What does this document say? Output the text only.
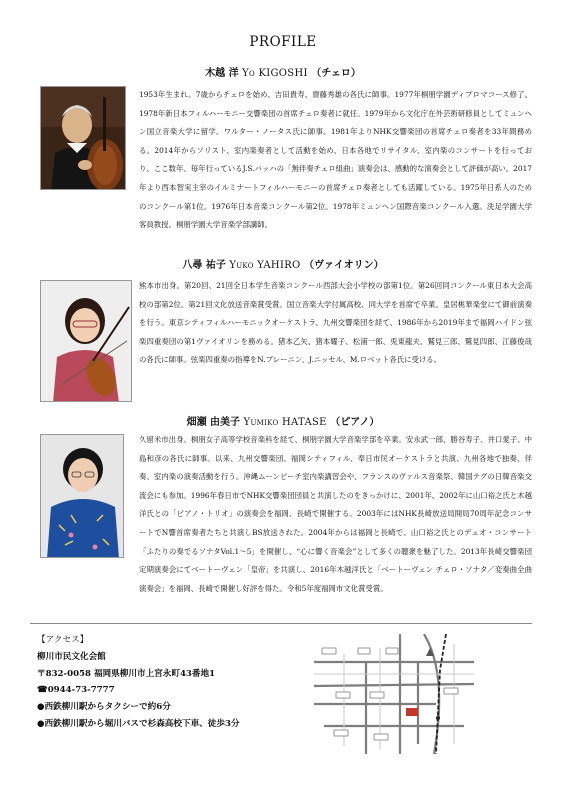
PROFILE
木越 洋 Yo KIGOSHI （チェロ）
1953年生まれ。7歳からチェロを始め、吉田貴寿、齋藤秀雄の各氏に師事。1977年桐朋学園ディプロマコース修了。1978年新日本フィルハーモニー交響楽団の首席チェロ奏者に就任。1979年から文化庁在外芸術研修員としてミュンヘン国立音楽大学に留学。ワルター・ノータス氏に師事。1981年よりNHK交響楽団の首席チェロ奏者を33年間務める。2014年からソリスト、室内楽奏者として活動を始め、日本各地でリサイタル、室内楽のコンサートを行っており、ここ数年、毎年行っているJ.S.バッハの「無伴奏チェロ組曲」演奏会は、感動的な演奏会として評価が高い。2017年より西本智実主宰のイルミナートフィルハーモニーの首席チェロ奏者としても活躍している。1975年日系人のためのコンクール第1位。1976年日本音楽コンクール第2位。1978年ミュンヘン国際音楽コンクール入選。洗足学園大学客員教授。桐朋学園大学音楽学部講師。
八尋 祐子 Yuko YAHIRO （ヴァイオリン）
熊本市出身。第20回、21回全日本学生音楽コンクール西部大会小学校の部第1位。第26回同コンクール東日本大会高校の部第2位。第21回文化放送音楽賞受賞。国立音楽大学付属高校、同大学を首席で卒業。皇居桃華楽堂にて御前演奏を行う。東京シティフィルハーモニックオーケストラ、九州交響楽団を経て、1986年から2019年まで福岡ハイドン弦楽四重奏団の第1ヴァイオリンを務める。猪本乙矢、猪本耀子、松浦一郎、兎東龍夫、鷲見三郎、鷲見四郎、江藤俊哉の各氏に師事。弦楽四重奏の指導をN.ブレーニン、J.ニッセル、M.ロベット各氏に受ける。
畑瀬 由美子 Yumiko HATASE （ピアノ）
久留米市出身。桐朋女子高等学校音楽科を経て、桐朋学園大学音楽学部を卒業。安永武一郎、勝谷寿子、井口愛子、中島和彦の各氏に師事。以来、九州交響楽団、福岡シティフィル、奉日市民オーケストラと共演、九州各地で独奏、伴奏、室内楽の演奏活動を行う。沖縄ムーンビーチ室内楽講習会や、フランスのヴァルス音楽祭、韓国テグの日韓音楽交流会にも参加。1996年春日市でNHK交響楽団団員と共演したのをきっかけに、2001年、2002年に山口裕之氏と木越洋氏との「ピアノ・トリオ」の演奏会を福岡、長崎で開催する。2003年にはNHK長崎放送局開局70周年記念コンサートでN響首席奏者たちと共演しBS放送された。2004年からは福岡と長崎で、山口裕之氏とのデュオ・コンサート「ふたりの奏でるソナタVol.1〜5」を開催し、“心に響く音楽会”として多くの聴衆を魅了した。2013年長崎交響楽団定期演奏会にてベートーヴェン「皇帝」を共演し、2016年木越洋氏と「ベートーヴェン チェロ・ソナタ／変奏曲全曲演奏会」を福岡、長崎で開催し好評を得た。令和5年度福岡市文化賞受賞。
【アクセス】
柳川市民文化会館
〒832-0058 福岡県柳川市上宮永町43番地1
☎0944-73-7777
●西鉄柳川駅からタクシーで約6分
●西鉄柳川駅から堀川バスで杉森高校下車、徒歩3分
